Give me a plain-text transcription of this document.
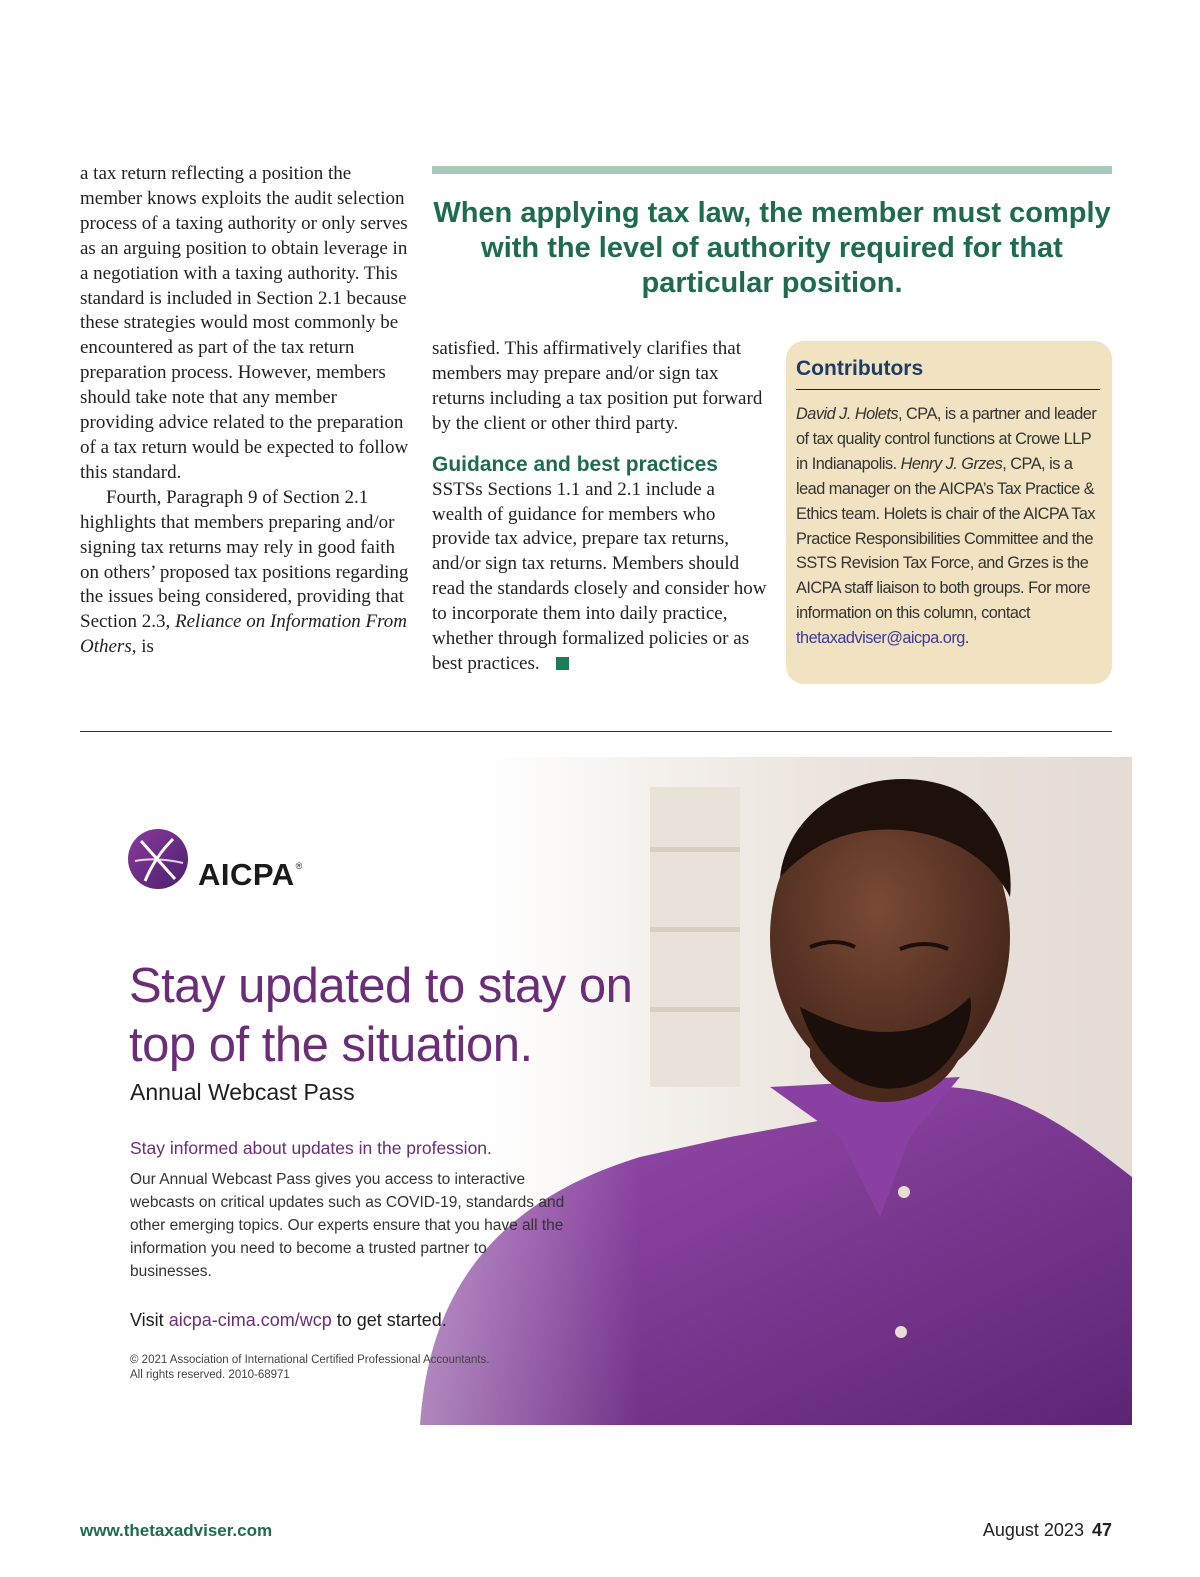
a tax return reflecting a position the member knows exploits the audit selection process of a taxing authority or only serves as an arguing position to obtain leverage in a negotiation with a taxing authority. This standard is included in Section 2.1 because these strategies would most commonly be encountered as part of the tax return preparation process. However, members should take note that any member providing advice related to the preparation of a tax return would be expected to follow this standard.

Fourth, Paragraph 9 of Section 2.1 highlights that members preparing and/or signing tax returns may rely in good faith on others’ proposed tax positions regarding the issues being considered, providing that Section 2.3, Reliance on Information From Others, is

When applying tax law, the member must comply with the level of authority required for that particular position.

satisfied. This affirmatively clarifies that members may prepare and/or sign tax returns including a tax position put forward by the client or other third party.

Guidance and best practices

SSTSs Sections 1.1 and 2.1 include a wealth of guidance for members who provide tax advice, prepare tax returns, and/or sign tax returns. Members should read the standards closely and consider how to incorporate them into daily practice, whether through formalized policies or as best practices.

Contributors
David J. Holets, CPA, is a partner and leader of tax quality control functions at Crowe LLP in Indianapolis. Henry J. Grzes, CPA, is a lead manager on the AICPA’s Tax Practice & Ethics team. Holets is chair of the AICPA Tax Practice Responsibilities Committee and the SSTS Revision Tax Force, and Grzes is the AICPA staff liaison to both groups. For more information on this column, contact thetaxadviser@aicpa.org.
AICPA®
Stay updated to stay on top of the situation.
Annual Webcast Pass
Stay informed about updates in the profession.
Our Annual Webcast Pass gives you access to interactive webcasts on critical updates such as COVID-19, standards and other emerging topics. Our experts ensure that you have all the information you need to become a trusted partner to businesses.
Visit aicpa-cima.com/wcp to get started.
© 2021 Association of International Certified Professional Accountants.
All rights reserved. 2010-68971
www.thetaxadviser.com	August 2023 47
